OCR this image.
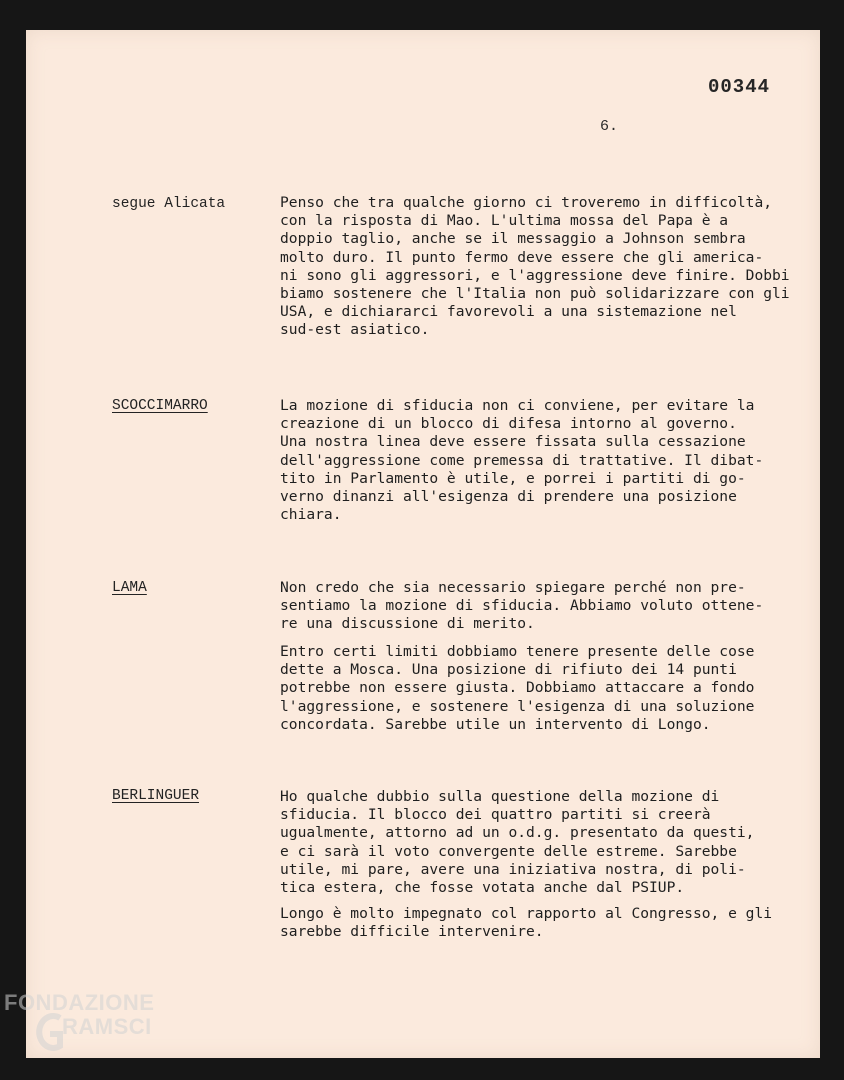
00344
6.
segue Alicata	Penso che tra qualche giorno ci troveremo in difficoltà,
con la risposta di Mao. L'ultima mossa del Papa è a
doppio taglio, anche se il messaggio a Johnson sembra
molto duro. Il punto fermo deve essere che gli america-
ni sono gli aggressori, e l'aggressione deve finire. Dobbi
biamo sostenere che l'Italia non può solidarizzare con gli
USA, e dichiararci favorevoli a una sistemazione nel
sud-est asiatico.
SCOCCIMARRO	La mozione di sfiducia non ci conviene, per evitare la
creazione di un blocco di difesa intorno al governo.
Una nostra linea deve essere fissata sulla cessazione
dell'aggressione come premessa di trattative. Il dibat-
tito in Parlamento è utile, e porrei i partiti di go-
verno dinanzi all'esigenza di prendere una posizione
chiara.
LAMA	Non credo che sia necessario spiegare perché non pre-
sentiamo la mozione di sfiducia. Abbiamo voluto ottene-
re una discussione di merito.
Entro certi limiti dobbiamo tenere presente delle cose
dette a Mosca. Una posizione di rifiuto dei 14 punti
potrebbe non essere giusta. Dobbiamo attaccare a fondo
l'aggressione, e sostenere l'esigenza di una soluzione
concordata. Sarebbe utile un intervento di Longo.
BERLINGUER	Ho qualche dubbio sulla questione della mozione di
sfiducia. Il blocco dei quattro partiti si creerà
ugualmente, attorno ad un o.d.g. presentato da questi,
e ci sarà il voto convergente delle estreme. Sarebbe
utile, mi pare, avere una iniziativa nostra, di poli-
tica estera, che fosse votata anche dal PSIUP.
Longo è molto impegnato col rapporto al Congresso, e gli
sarebbe difficile intervenire.
FONDAZIONE
RAMSCI
